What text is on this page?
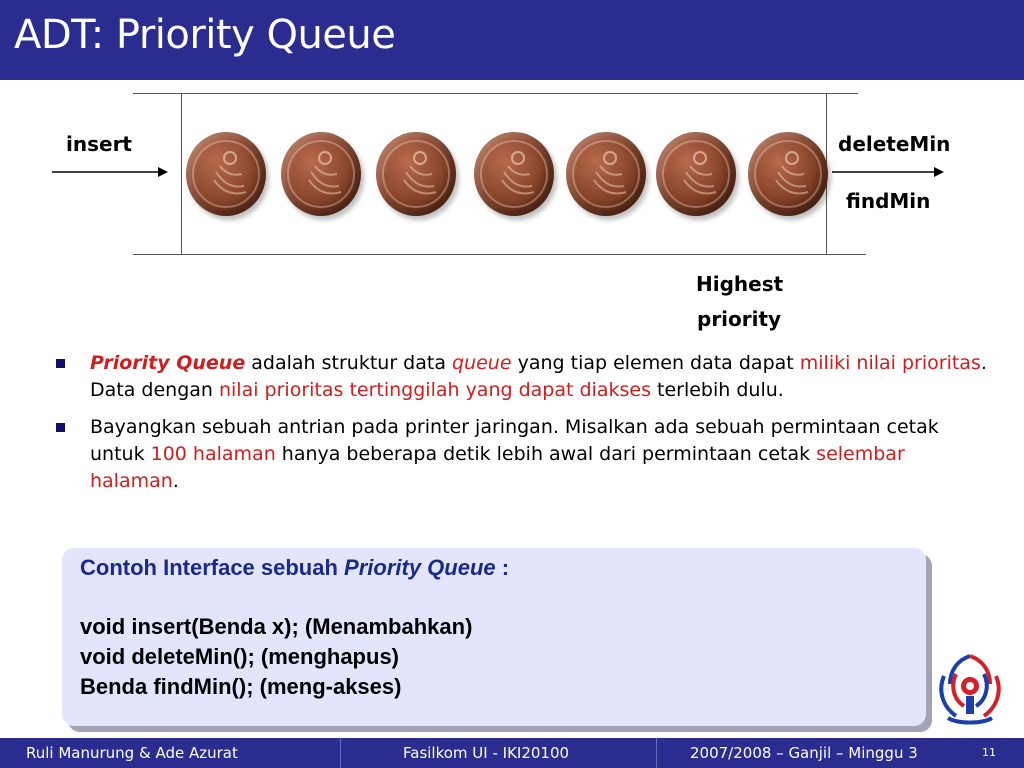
ADT: Priority Queue
insert	deleteMin
findMin
Highest
priority
Priority Queue adalah struktur data queue yang tiap elemen data dapat miliki nilai prioritas. Data dengan nilai prioritas tertinggilah yang dapat diakses terlebih dulu.
Bayangkan sebuah antrian pada printer jaringan. Misalkan ada sebuah permintaan cetak untuk 100 halaman hanya beberapa detik lebih awal dari permintaan cetak selembar halaman.
Contoh Interface sebuah Priority Queue :
void insert(Benda x); (Menambahkan)
void deleteMin(); (menghapus)
Benda findMin(); (meng-akses)
Ruli Manurung & Ade Azurat	Fasilkom UI - IKI20100	2007/2008 – Ganjil – Minggu 3	11
